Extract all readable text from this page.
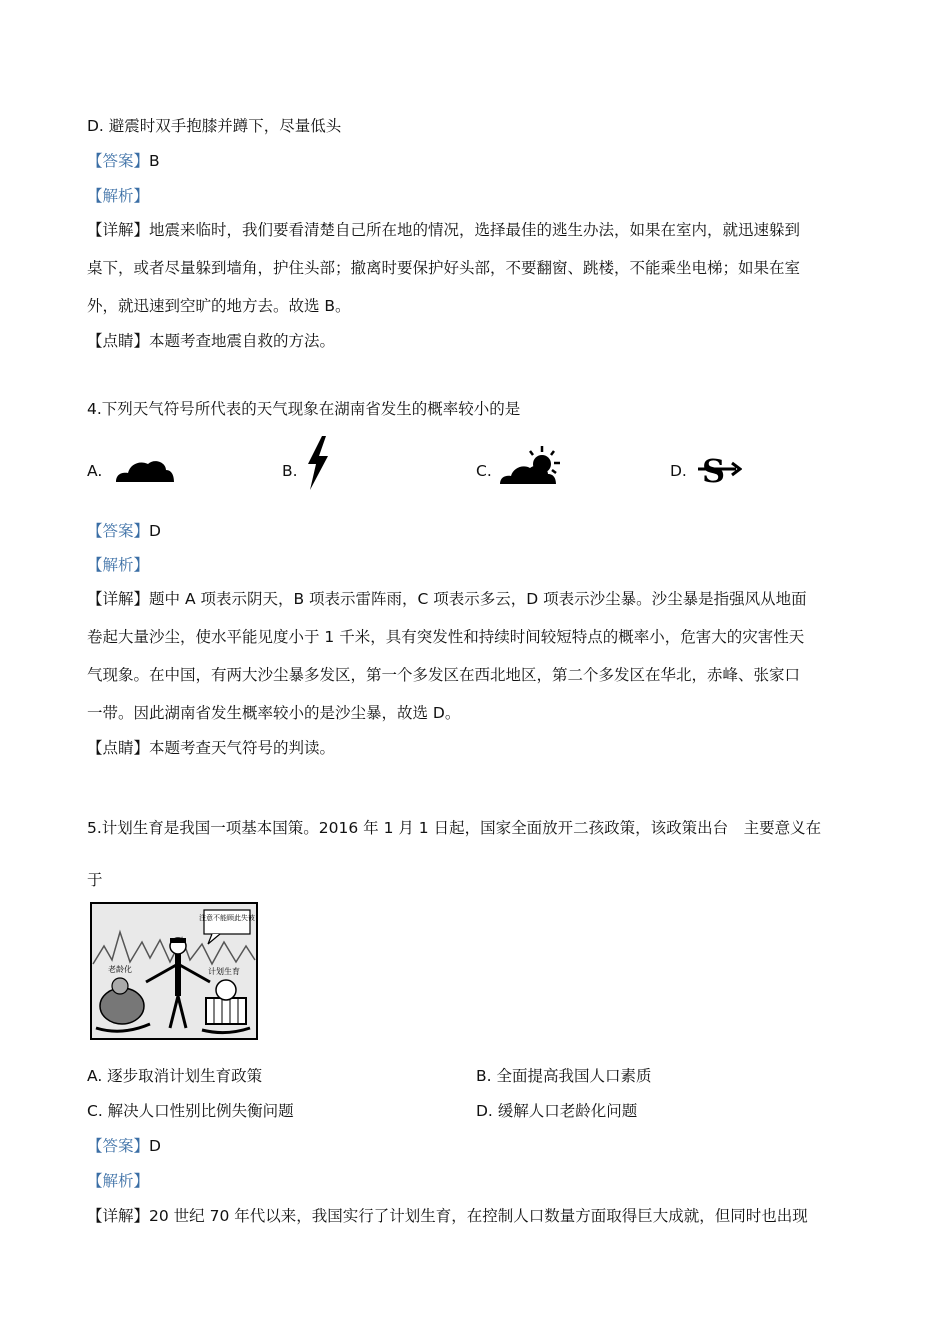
D. 避震时双手抱膝并蹲下，尽量低头
【答案】B
【解析】
【详解】地震来临时，我们要看清楚自己所在地的情况，选择最佳的逃生办法，如果在室内，就迅速躲到
桌下，或者尽量躲到墙角，护住头部；撤离时要保护好头部，不要翻窗、跳楼，不能乘坐电梯；如果在室
外，就迅速到空旷的地方去。故选 B。
【点睛】本题考查地震自救的方法。
4.下列天气符号所代表的天气现象在湖南省发生的概率较小的是
A.	B.	C.	D. S
【答案】D
【解析】
【详解】题中 A 项表示阴天，B 项表示雷阵雨，C 项表示多云，D 项表示沙尘暴。沙尘暴是指强风从地面
卷起大量沙尘，使水平能见度小于 1 千米，具有突发性和持续时间较短特点的概率小，危害大的灾害性天
气现象。在中国，有两大沙尘暴多发区，第一个多发区在西北地区，第二个多发区在华北，赤峰、张家口
一带。因此湖南省发生概率较小的是沙尘暴，故选 D。
【点睛】本题考查天气符号的判读。
5.计划生育是我国一项基本国策。2016 年 1 月 1 日起，国家全面放开二孩政策，该政策出台　主要意义在
于
注意不能顾此失彼
老龄化	计划生育
A. 逐步取消计划生育政策	B. 全面提高我国人口素质
C. 解决人口性别比例失衡问题	D. 缓解人口老龄化问题
【答案】D
【解析】
【详解】20 世纪 70 年代以来，我国实行了计划生育，在控制人口数量方面取得巨大成就，但同时也出现
